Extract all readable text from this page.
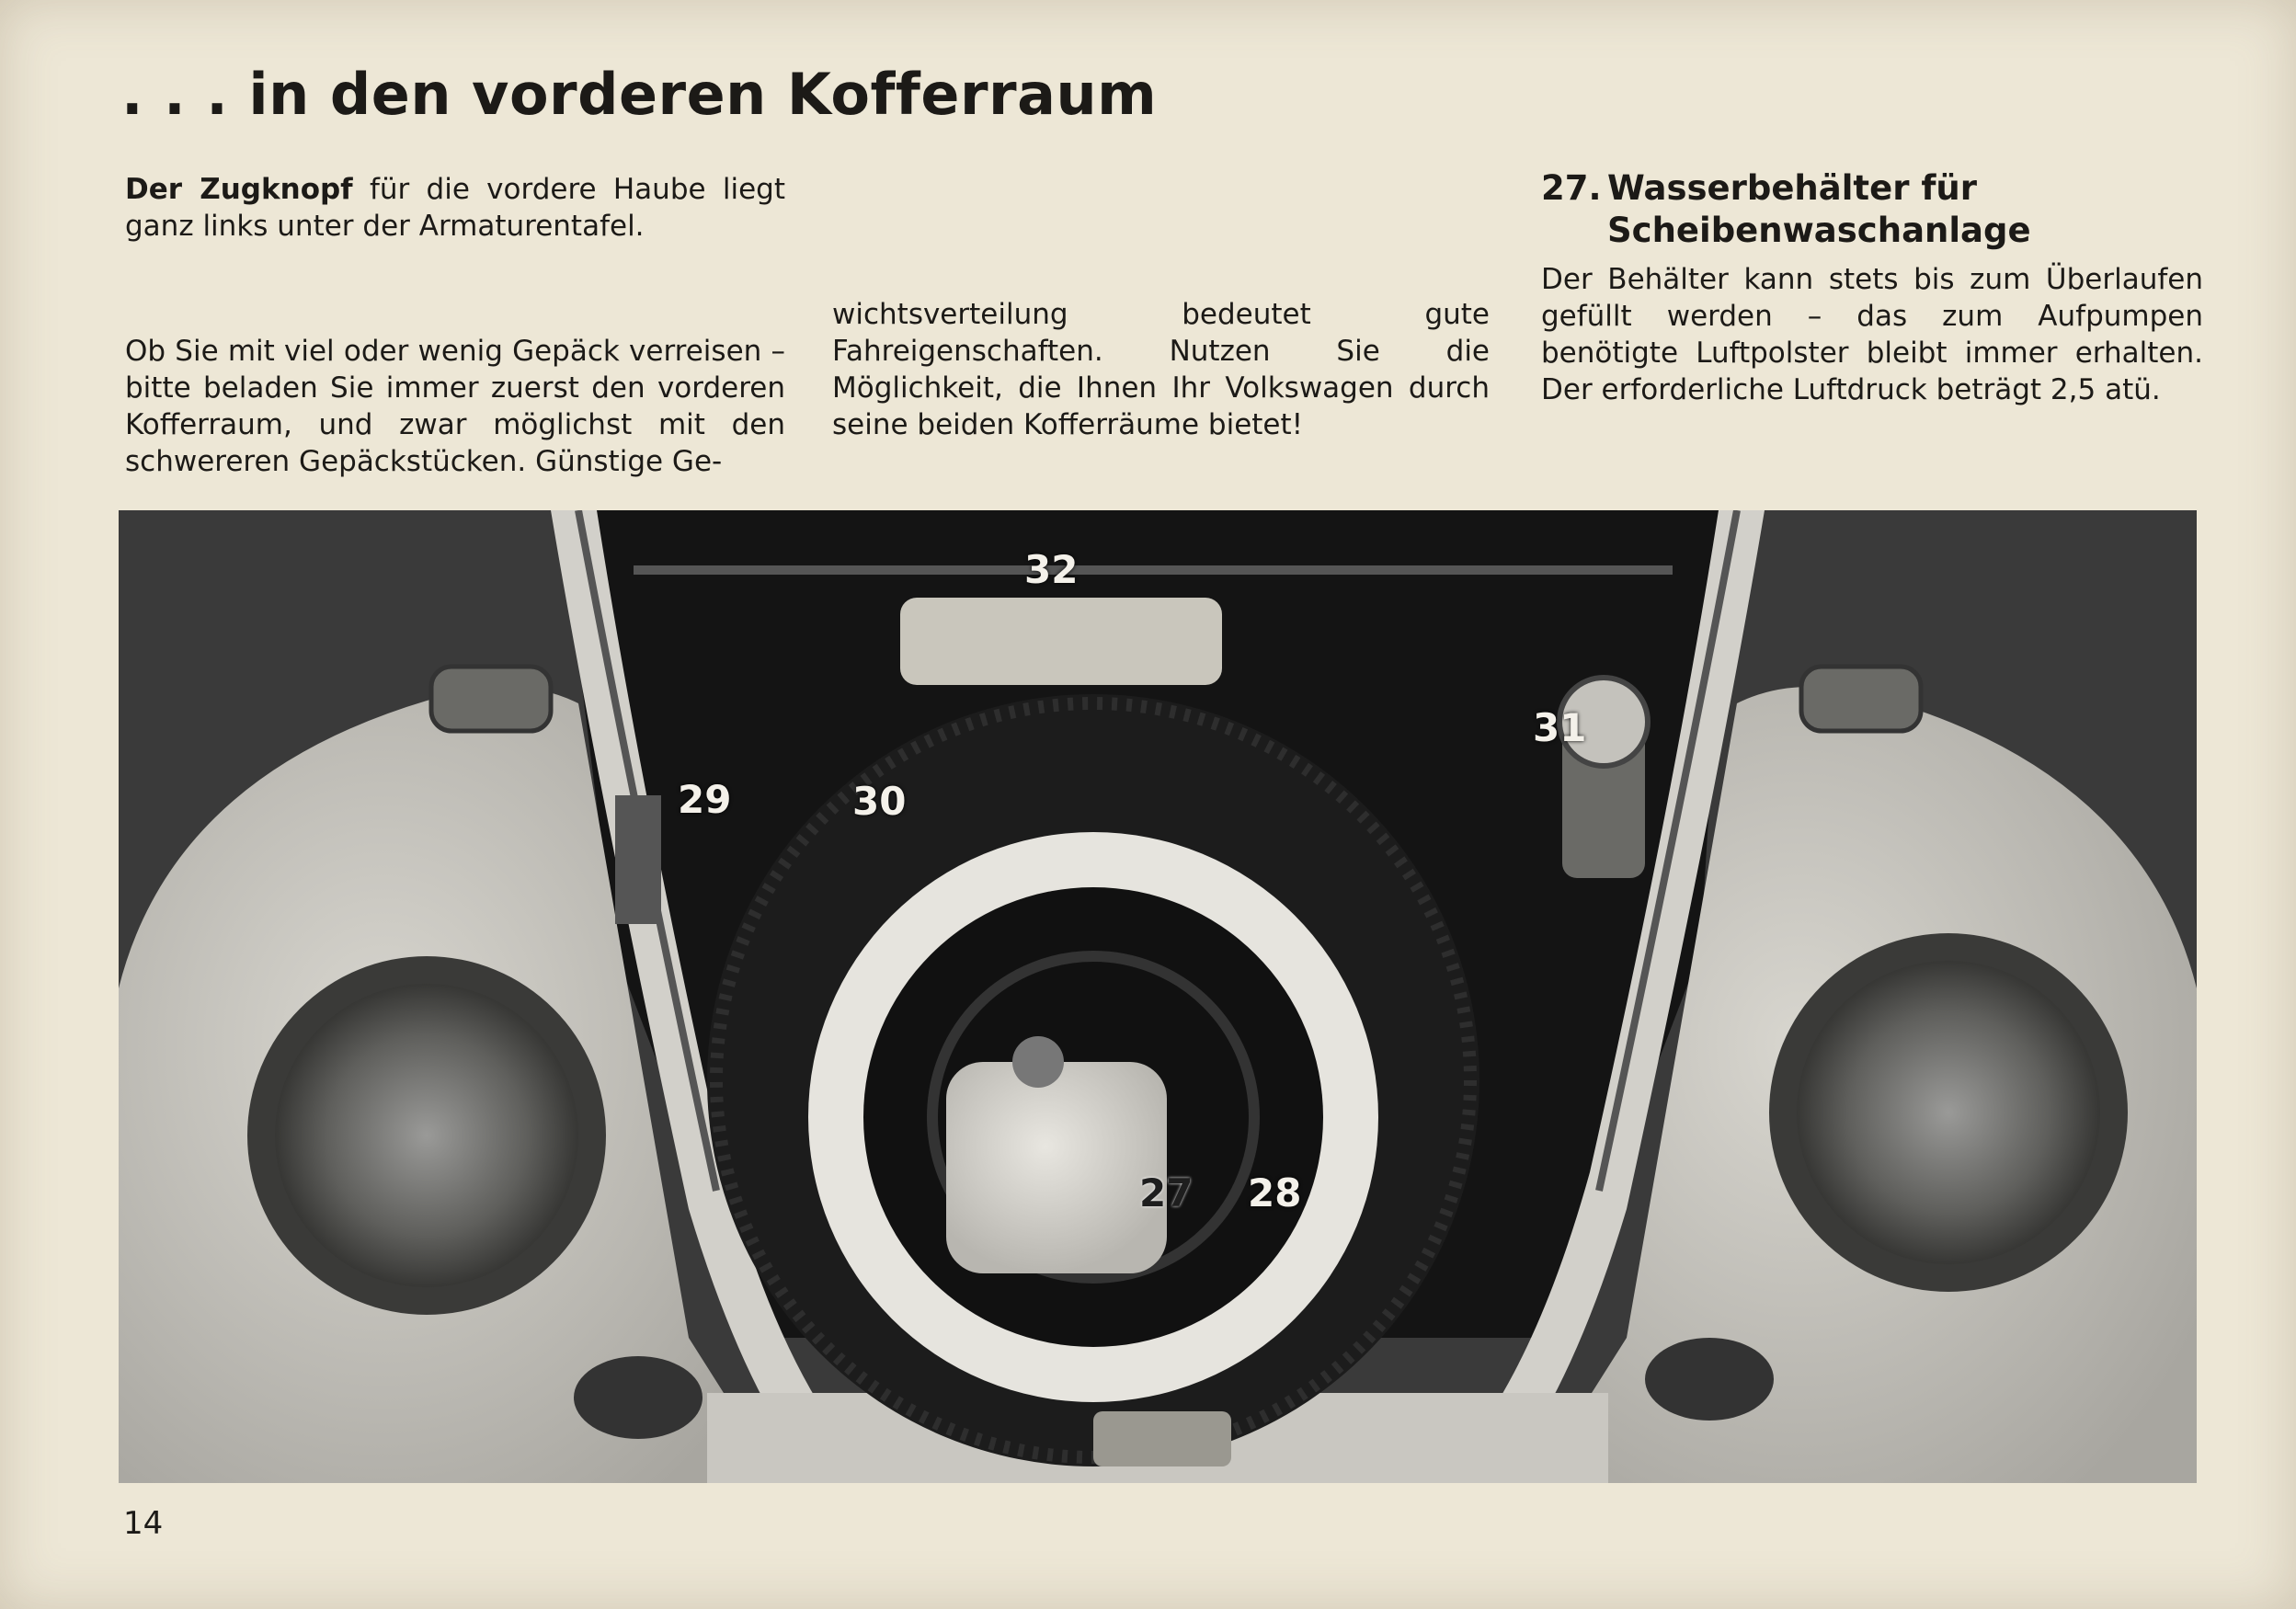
. . . in den vorderen Kofferraum

Der Zugknopf für die vordere Haube liegt ganz links unter der Armaturentafel.

Ob Sie mit viel oder wenig Gepäck verreisen – bitte beladen Sie immer zuerst den vorderen Kofferraum, und zwar möglichst mit den schwereren Gepäckstücken. Günstige Ge-

wichtsverteilung bedeutet gute Fahreigenschaften. Nutzen Sie die Möglichkeit, die Ihnen Ihr Volkswagen durch seine beiden Kofferräume bietet!

27. Wasserbehälter für
Scheibenwaschanlage

Der Behälter kann stets bis zum Überlaufen gefüllt werden – das zum Aufpumpen benötigte Luftpolster bleibt immer erhalten. Der erforderliche Luftdruck beträgt 2,5 atü.

32
31
29	30
27 28
14
